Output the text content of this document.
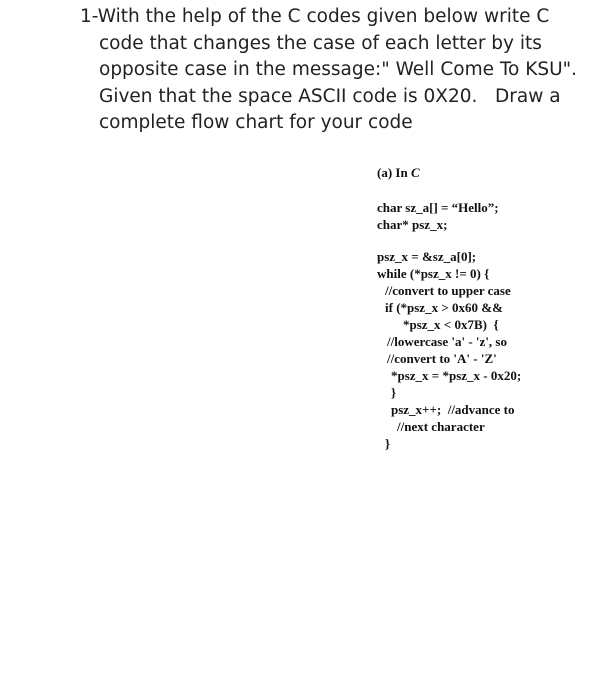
1-With the help of the C codes given below write C
code that changes the case of each letter by its
opposite case in the message:" Well Come To KSU".
Given that the space ASCII code is 0X20.   Draw a
complete flow chart for your code
(a) In C
char sz_a[] = “Hello”;
char* psz_x;
psz_x = &sz_a[0];
while (*psz_x != 0) {
//convert to upper case
if (*psz_x > 0x60 &&
*psz_x < 0x7B)  {
//lowercase 'a' - 'z', so
//convert to 'A' - 'Z'
*psz_x = *psz_x - 0x20;
}
psz_x++;  //advance to
//next character
}
